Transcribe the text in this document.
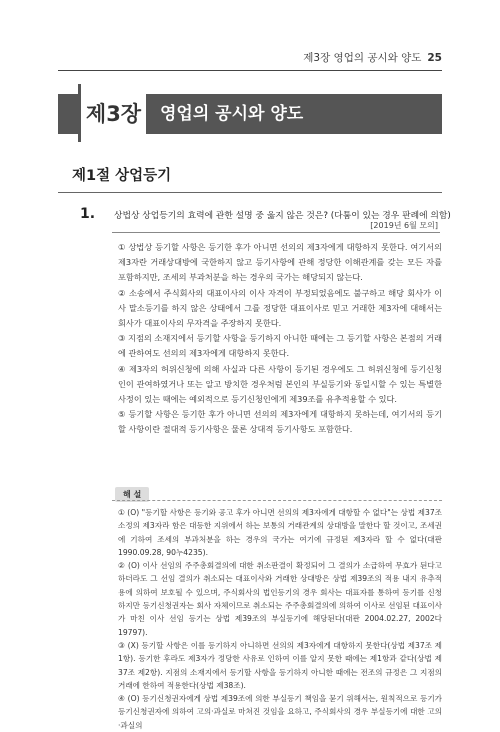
제3장 영업의 공시와 양도 25
제3장 영업의 공시와 양도
제1절 상업등기
1. 상법상 상업등기의 효력에 관한 설명 중 옳지 않은 것은? (다툼이 있는 경우 판례에 의함)
[2019년 6월 모의]
① 상법상 등기할 사항은 등기한 후가 아니면 선의의 제3자에게 대항하지 못한다. 여기서의 제3자란 거래상대방에 국한하지 않고 등기사항에 관해 정당한 이해관계를 갖는 모든 자를 포함하지만, 조세의 부과처분을 하는 경우의 국가는 해당되지 않는다.
② 소송에서 주식회사의 대표이사의 이사 자격이 부정되었음에도 불구하고 해당 회사가 이사 말소등기를 하지 않은 상태에서 그를 정당한 대표이사로 믿고 거래한 제3자에 대해서는 회사가 대표이사의 무자격을 주장하지 못한다.
③ 지점의 소재지에서 등기할 사항을 등기하지 아니한 때에는 그 등기할 사항은 본점의 거래에 관하여도 선의의 제3자에게 대항하지 못한다.
④ 제3자의 허위신청에 의해 사실과 다른 사항이 등기된 경우에도 그 허위신청에 등기신청인이 관여하였거나 또는 알고 방치한 경우처럼 본인의 부실등기와 동일시할 수 있는 특별한 사정이 있는 때에는 예외적으로 등기신청인에게 제39조를 유추적용할 수 있다.
⑤ 등기할 사항은 등기한 후가 아니면 선의의 제3자에게 대항하지 못하는데, 여기서의 등기할 사항이란 절대적 등기사항은 물론 상대적 등기사항도 포함한다.
해 설
① (O) "등기할 사항은 등기와 공고 후가 아니면 선의의 제3자에게 대항할 수 없다"는 상법 제37조 소정의 제3자라 함은 대등한 지위에서 하는 보통의 거래관계의 상대방을 말한다 할 것이고, 조세권에 기하여 조세의 부과처분을 하는 경우의 국가는 여기에 규정된 제3자라 할 수 없다(대판 1990.09.28, 90누4235).
② (O) 이사 선임의 주주총회결의에 대한 취소판결이 확정되어 그 결의가 소급하여 무효가 된다고 하더라도 그 선임 결의가 취소되는 대표이사와 거래한 상대방은 상법 제39조의 적용 내지 유추적용에 의하여 보호될 수 있으며, 주식회사의 법인등기의 경우 회사는 대표자를 통하여 등기를 신청하지만 등기신청권자는 회사 자체이므로 취소되는 주주총회결의에 의하여 이사로 선임된 대표이사가 마친 이사 선임 등기는 상법 제39조의 부실등기에 해당된다(대판 2004.02.27, 2002다19797).
③ (X) 등기할 사항은 이를 등기하지 아니하면 선의의 제3자에게 대항하지 못한다(상법 제37조 제1항). 등기한 후라도 제3자가 정당한 사유로 인하여 이를 알지 못한 때에는 제1항과 같다(상법 제37조 제2항). 지점의 소재지에서 등기할 사항을 등기하지 아니한 때에는 전조의 규정은 그 지점의 거래에 한하여 적용한다(상법 제38조).
④ (O) 등기신청권자에게 상법 제39조에 의한 부실등기 책임을 묻기 위해서는, 원칙적으로 등기가 등기신청권자에 의하여 고의·과실로 마쳐진 것임을 요하고, 주식회사의 경우 부실등기에 대한 고의·과실의
